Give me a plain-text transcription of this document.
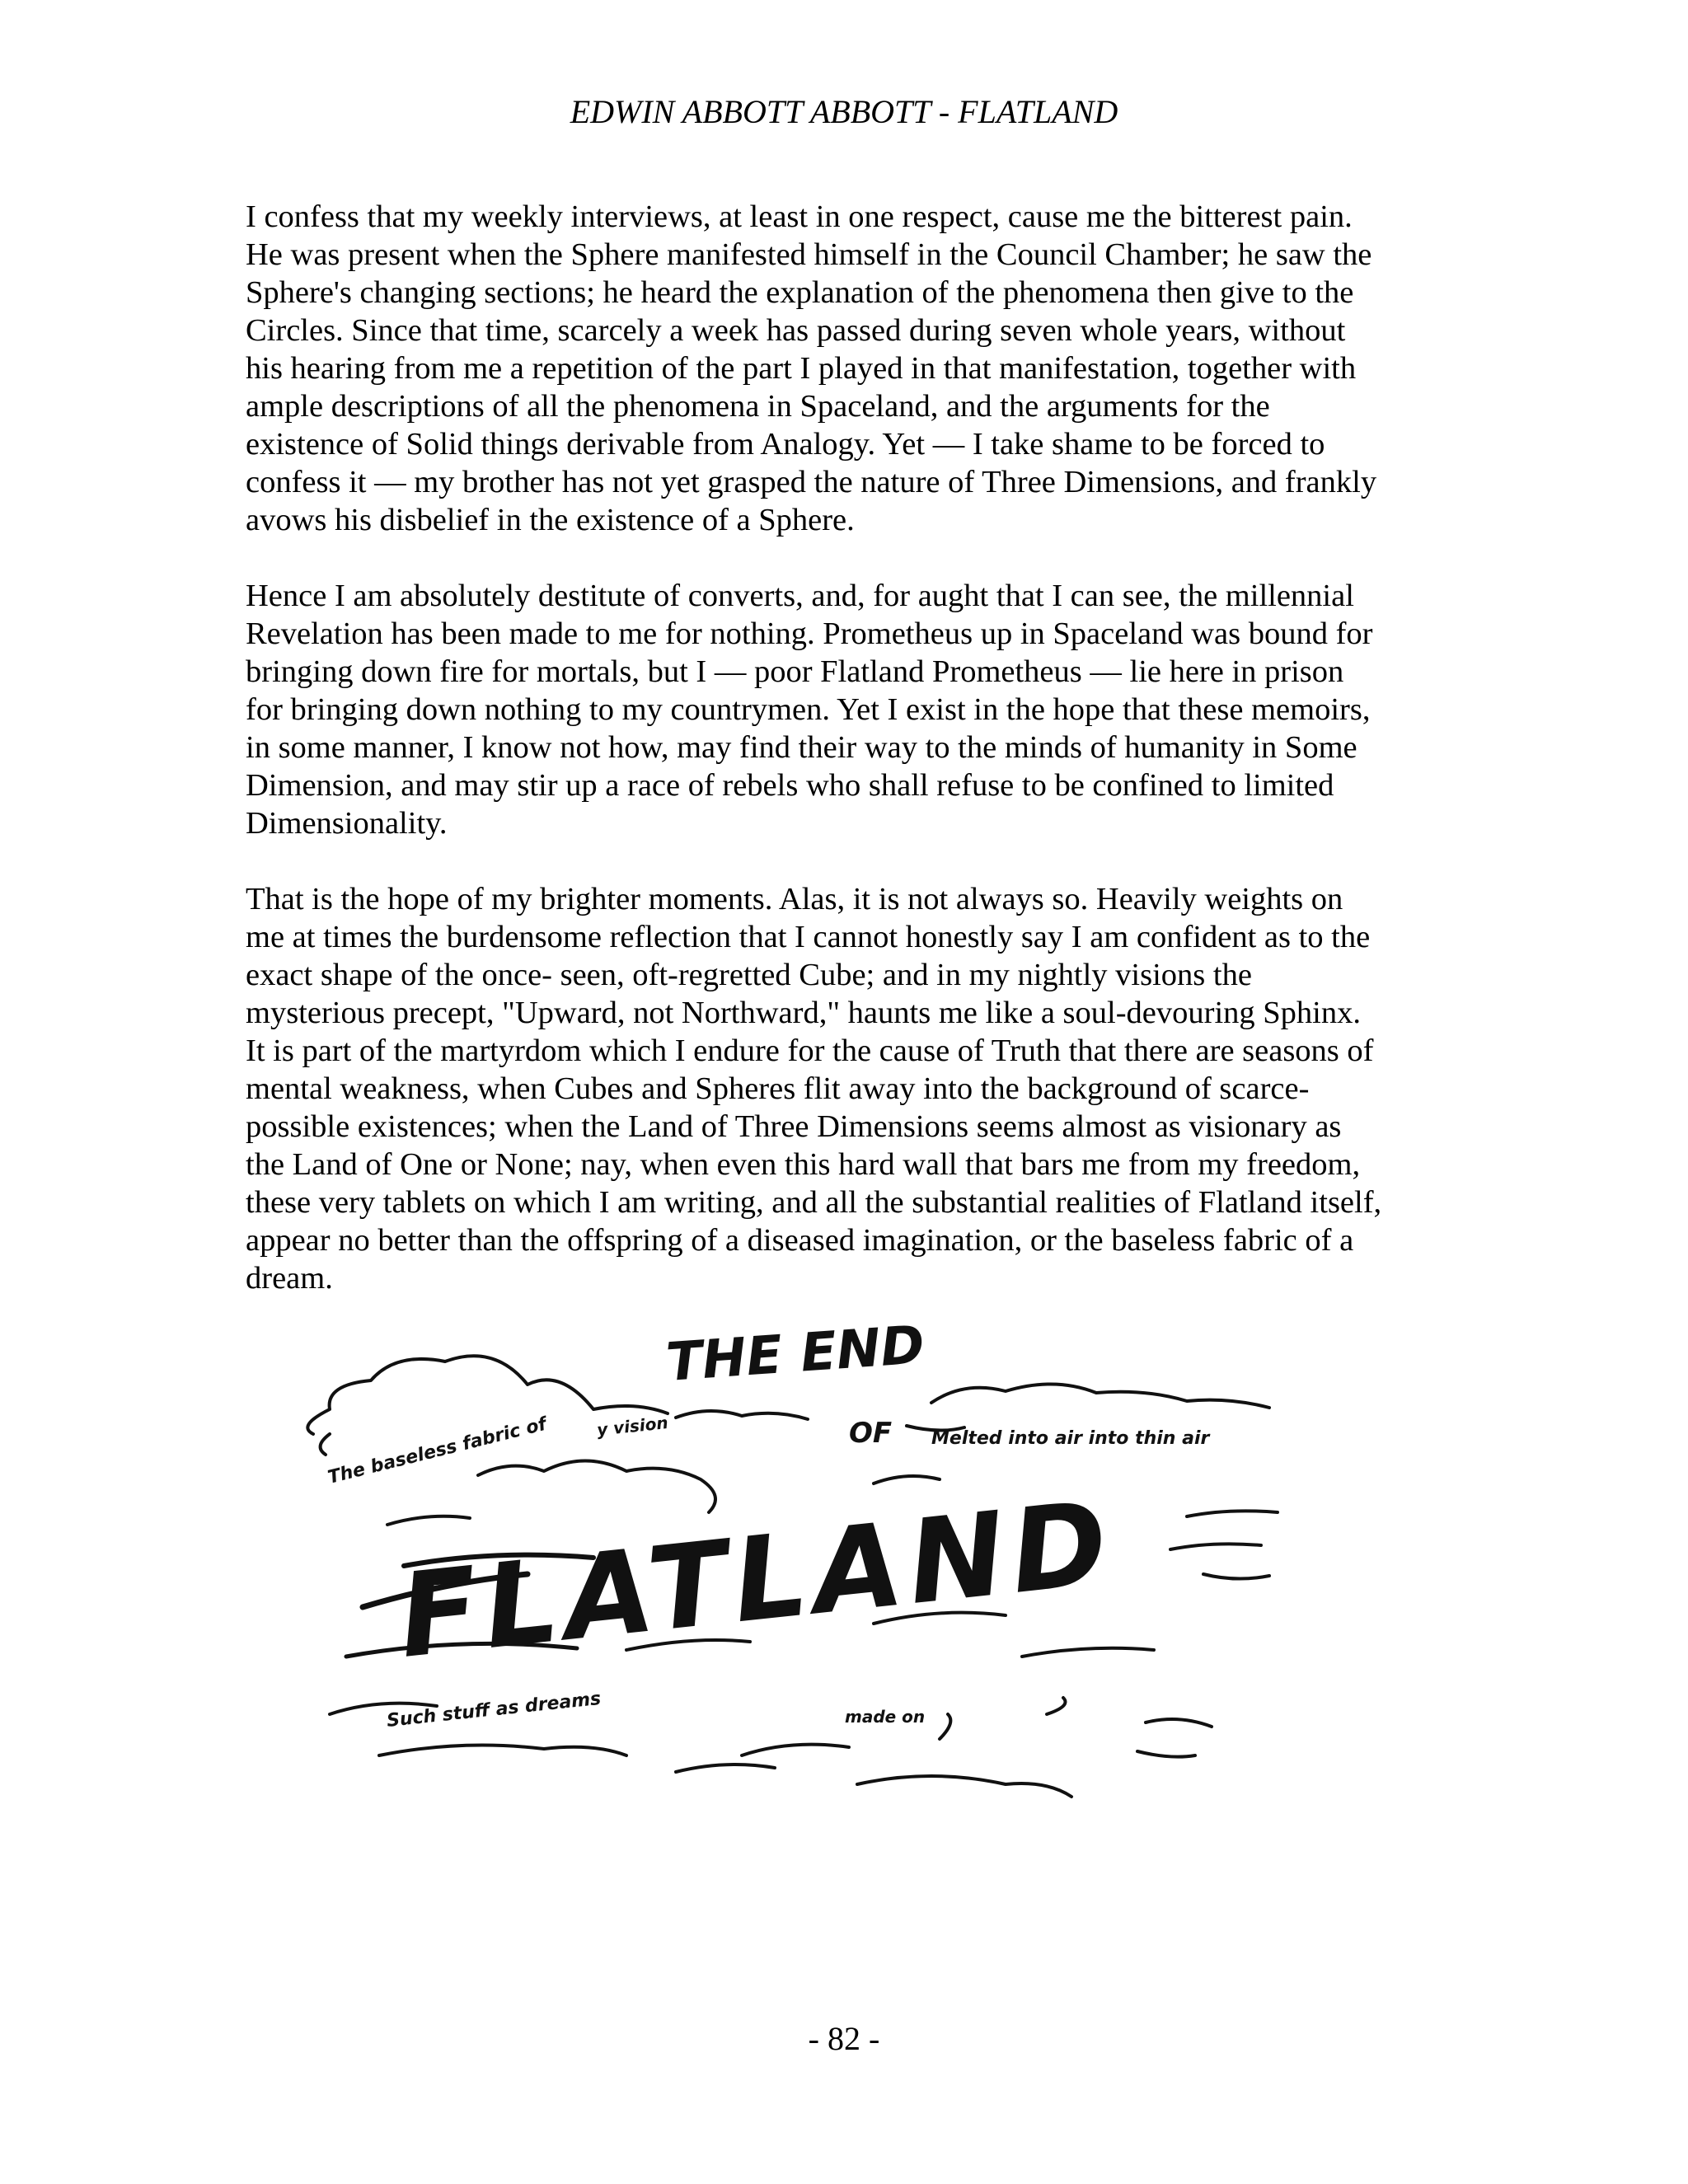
EDWIN ABBOTT ABBOTT - FLATLAND

I confess that my weekly interviews, at least in one respect, cause me the bitterest pain.
He was present when the Sphere manifested himself in the Council Chamber; he saw the
Sphere's changing sections; he heard the explanation of the phenomena then give to the
Circles. Since that time, scarcely a week has passed during seven whole years, without
his hearing from me a repetition of the part I played in that manifestation, together with
ample descriptions of all the phenomena in Spaceland, and the arguments for the
existence of Solid things derivable from Analogy. Yet — I take shame to be forced to
confess it — my brother has not yet grasped the nature of Three Dimensions, and frankly
avows his disbelief in the existence of a Sphere.

Hence I am absolutely destitute of converts, and, for aught that I can see, the millennial
Revelation has been made to me for nothing. Prometheus up in Spaceland was bound for
bringing down fire for mortals, but I — poor Flatland Prometheus — lie here in prison
for bringing down nothing to my countrymen. Yet I exist in the hope that these memoirs,
in some manner, I know not how, may find their way to the minds of humanity in Some
Dimension, and may stir up a race of rebels who shall refuse to be confined to limited
Dimensionality.

That is the hope of my brighter moments. Alas, it is not always so. Heavily weights on
me at times the burdensome reflection that I cannot honestly say I am confident as to the
exact shape of the once- seen, oft-regretted Cube; and in my nightly visions the
mysterious precept, "Upward, not Northward," haunts me like a soul-devouring Sphinx.
It is part of the martyrdom which I endure for the cause of Truth that there are seasons of
mental weakness, when Cubes and Spheres flit away into the background of scarce-
possible existences; when the Land of Three Dimensions seems almost as visionary as
the Land of One or None; nay, when even this hard wall that bars me from my freedom,
these very tablets on which I am writing, and all the substantial realities of Flatland itself,
appear no better than the offspring of a diseased imagination, or the baseless fabric of a
dream.

THE END
OF
FLATLAND
The baseless fabric of	y vision	Melted into air into thin air
Such stuff as dreams	made on
- 82 -
